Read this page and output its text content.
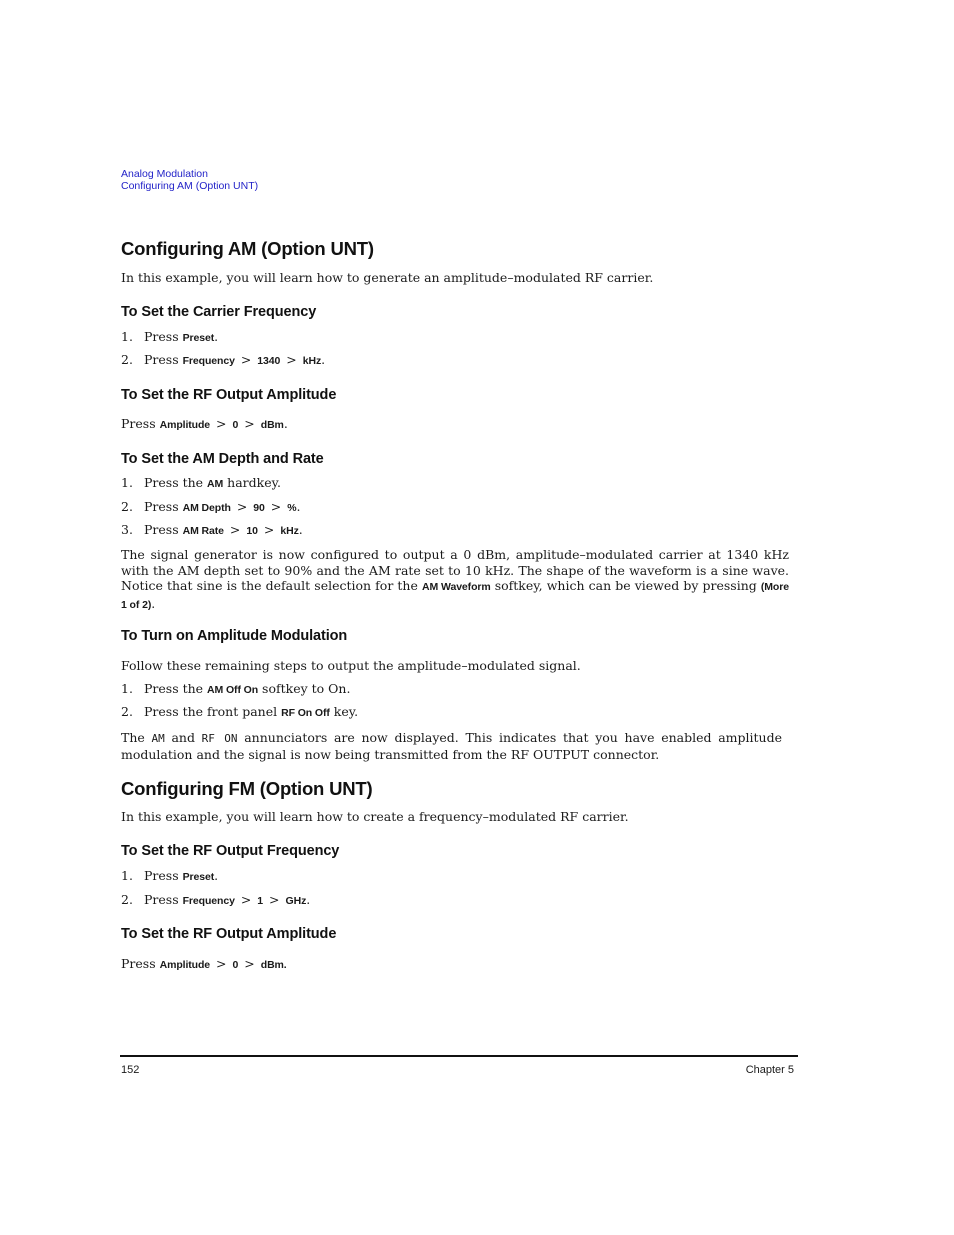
Analog Modulation
Configuring AM (Option UNT)
Configuring AM (Option UNT)
In this example, you will learn how to generate an amplitude–modulated RF carrier.
To Set the Carrier Frequency
1. Press Preset.
2. Press Frequency > 1340 > kHz.
To Set the RF Output Amplitude
Press Amplitude > 0 > dBm.
To Set the AM Depth and Rate
1. Press the AM hardkey.
2. Press AM Depth > 90 > %.
3. Press AM Rate > 10 > kHz.
The signal generator is now configured to output a 0 dBm, amplitude–modulated carrier at 1340 kHz with the AM depth set to 90% and the AM rate set to 10 kHz. The shape of the waveform is a sine wave. Notice that sine is the default selection for the AM Waveform softkey, which can be viewed by pressing (More 1 of 2).
To Turn on Amplitude Modulation
Follow these remaining steps to output the amplitude–modulated signal.
1. Press the AM Off On softkey to On.
2. Press the front panel RF On Off key.
The AM and RF ON annunciators are now displayed. This indicates that you have enabled amplitude modulation and the signal is now being transmitted from the RF OUTPUT connector.
Configuring FM (Option UNT)
In this example, you will learn how to create a frequency–modulated RF carrier.
To Set the RF Output Frequency
1. Press Preset.
2. Press Frequency > 1 > GHz.
To Set the RF Output Amplitude
Press Amplitude > 0 > dBm.
152	Chapter 5
